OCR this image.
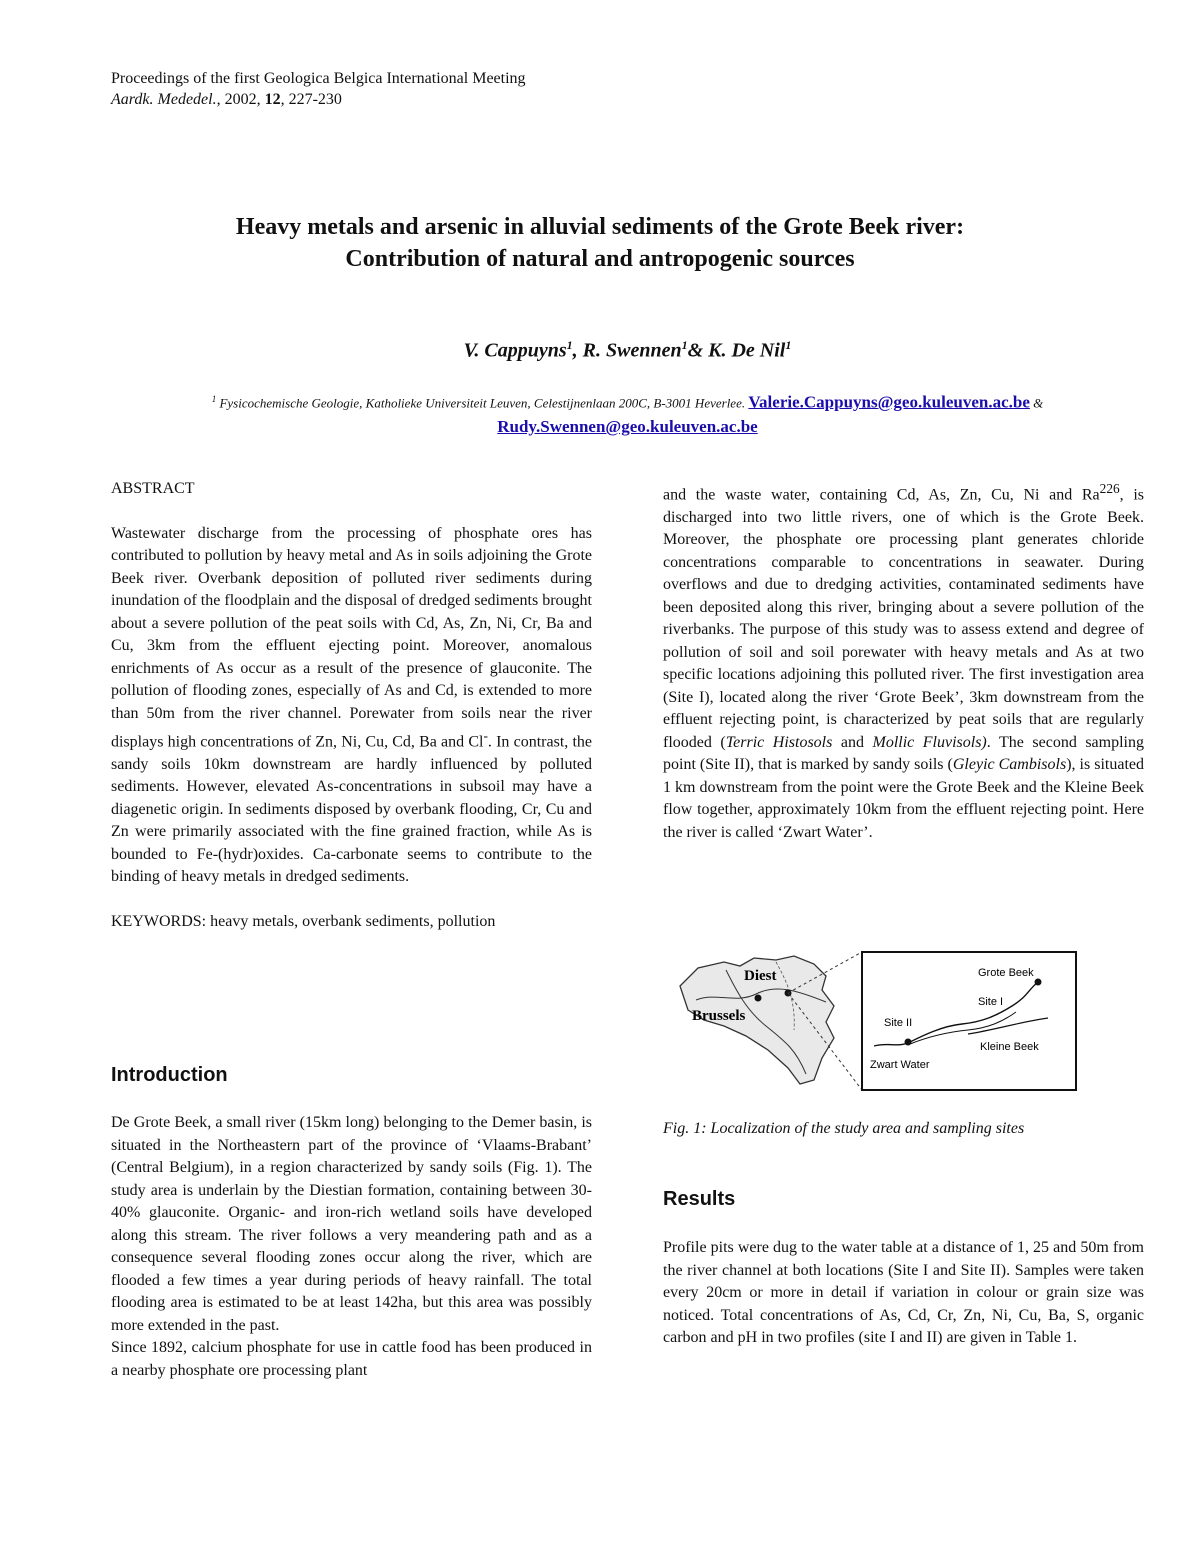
Proceedings of the first Geologica Belgica International Meeting
Aardk. Mededel., 2002, 12, 227-230
Heavy metals and arsenic in alluvial sediments of the Grote Beek river:
Contribution of natural and antropogenic sources
V. Cappuyns$^1$, R. Swennen$^1$& K. De Nil$^1$
$^1$ Fysicochemische Geologie, Katholieke Universiteit Leuven, Celestijnenlaan 200C, B-3001 Heverlee. Valerie.Cappuyns@geo.kuleuven.ac.be &
Rudy.Swennen@geo.kuleuven.ac.be

ABSTRACT

Wastewater discharge from the processing of phosphate ores has contributed to pollution by heavy metal and As in soils adjoining the Grote Beek river. Overbank deposition of polluted river sediments during inundation of the floodplain and the disposal of dredged sediments brought about a severe pollution of the peat soils with Cd, As, Zn, Ni, Cr, Ba and Cu, 3km from the effluent ejecting point. Moreover, anomalous enrichments of As occur as a result of the presence of glauconite. The pollution of flooding zones, especially of As and Cd, is extended to more than 50m from the river channel. Porewater from soils near the river displays high concentrations of Zn, Ni, Cu, Cd, Ba and Cl-. In contrast, the sandy soils 10km downstream are hardly influenced by polluted sediments. However, elevated As-concentrations in subsoil may have a diagenetic origin. In sediments disposed by overbank flooding, Cr, Cu and Zn were primarily associated with the fine grained fraction, while As is bounded to Fe-(hydr)oxides. Ca-carbonate seems to contribute to the binding of heavy metals in dredged sediments.

KEYWORDS: heavy metals, overbank sediments, pollution

Introduction

De Grote Beek, a small river (15km long) belonging to the Demer basin, is situated in the Northeastern part of the province of ‘Vlaams-Brabant’ (Central Belgium), in a region characterized by sandy soils (Fig. 1). The study area is underlain by the Diestian formation, containing between 30-40% glauconite. Organic- and iron-rich wetland soils have developed along this stream. The river follows a very meandering path and as a consequence several flooding zones occur along the river, which are flooded a few times a year during periods of heavy rainfall. The total flooding area is estimated to be at least 142ha, but this area was possibly more extended in the past.

Since 1892, calcium phosphate for use in cattle food has been produced in a nearby phosphate ore processing plant

and the waste water, containing Cd, As, Zn, Cu, Ni and Ra$^{226}$, is discharged into two little rivers, one of which is the Grote Beek. Moreover, the phosphate ore processing plant generates chloride concentrations comparable to concentrations in seawater. During overflows and due to dredging activities, contaminated sediments have been deposited along this river, bringing about a severe pollution of the riverbanks. The purpose of this study was to assess extend and degree of pollution of soil and soil porewater with heavy metals and As at two specific locations adjoining this polluted river. The first investigation area (Site I), located along the river ‘Grote Beek’, 3km downstream from the effluent rejecting point, is characterized by peat soils that are regularly flooded (Terric Histosols and Mollic Fluvisols). The second sampling point (Site II), that is marked by sandy soils (Gleyic Cambisols), is situated 1 km downstream from the point were the Grote Beek and the Kleine Beek flow together, approximately 10km from the effluent rejecting point. Here the river is called ‘Zwart Water’.

Diest
Brussels
Grote Beek
Site I
Site II
Kleine Beek
Zwart Water
Fig. 1: Localization of the study area and sampling sites
Results
Profile pits were dug to the water table at a distance of 1, 25 and 50m from the river channel at both locations (Site I and Site II). Samples were taken every 20cm or more in detail if variation in colour or grain size was noticed. Total concentrations of As, Cd, Cr, Zn, Ni, Cu, Ba, S, organic carbon and pH in two profiles (site I and II) are given in Table 1.
